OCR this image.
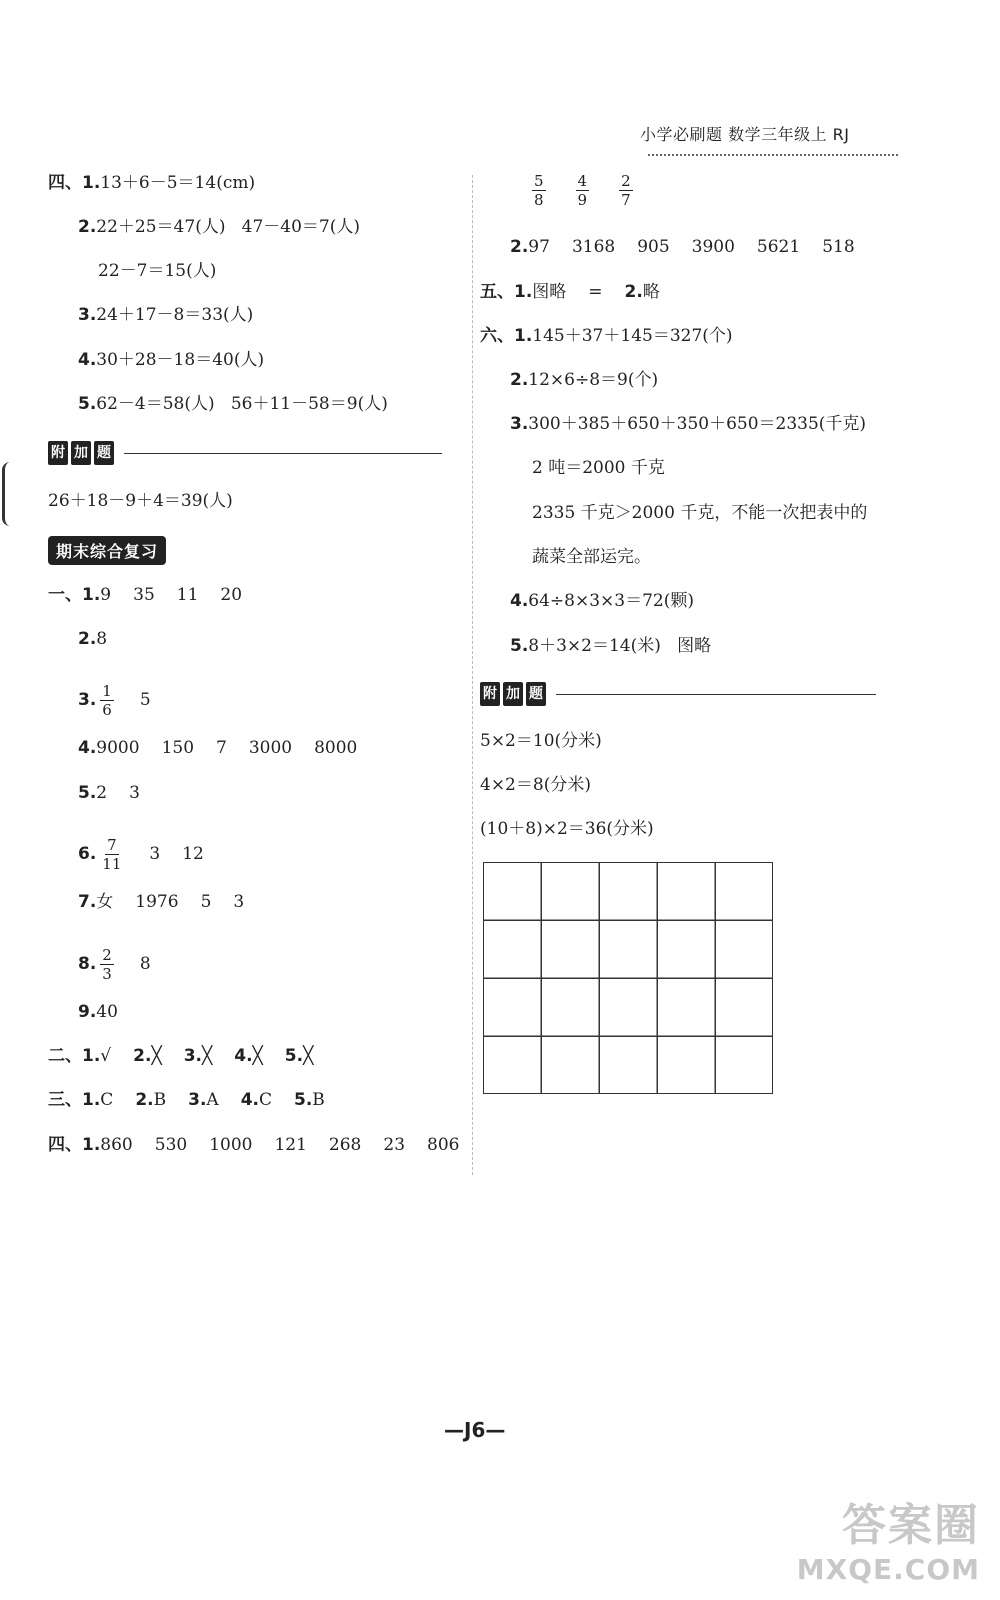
小学必刷题 数学三年级上 RJ
四、1.13＋6－5＝14(cm)
2.22＋25＝47(人)   47－40＝7(人)
22－7＝15(人)
3.24＋17－8＝33(人)
4.30＋28－18＝40(人)
5.62－4＝58(人)   56＋11－58＝9(人)
附 加 题
26＋18－9＋4＝39(人)
期末综合复习
一、1.9 35 11 20
2.8
3. $\frac{1}{6} 5$
4.9000 150 7 3000 8000
5.2 3
6. $\frac{7}{11} 3$ 12
7.女 1976 5 3
8. $\frac{2}{3} 8$
9.40
二、1.√ 2.╳ 3.╳ 4.╳ 5.╳
三、1.C 2.B 3.A 4.C 5.B
四、1.860 530 1000 121 268 23 806
$\frac{5}{8} \frac{4}{9} \frac{2}{7}$
2.97 3168 905 3900 5621 518
五、1.图略 = 2.略
六、1.145＋37＋145＝327(个)
2.12×6÷8＝9(个)
3.300＋385＋650＋350＋650＝2335(千克)
2 吨＝2000 千克
2335 千克＞2000 千克，不能一次把表中的
蔬菜全部运完。
4.64÷8×3×3＝72(颗)
5.8＋3×2＝14(米)   图略
附 加 题
5×2＝10(分米)
4×2＝8(分米)
(10＋8)×2＝36(分米)
—J6—
答案圈
MXQE.COM
